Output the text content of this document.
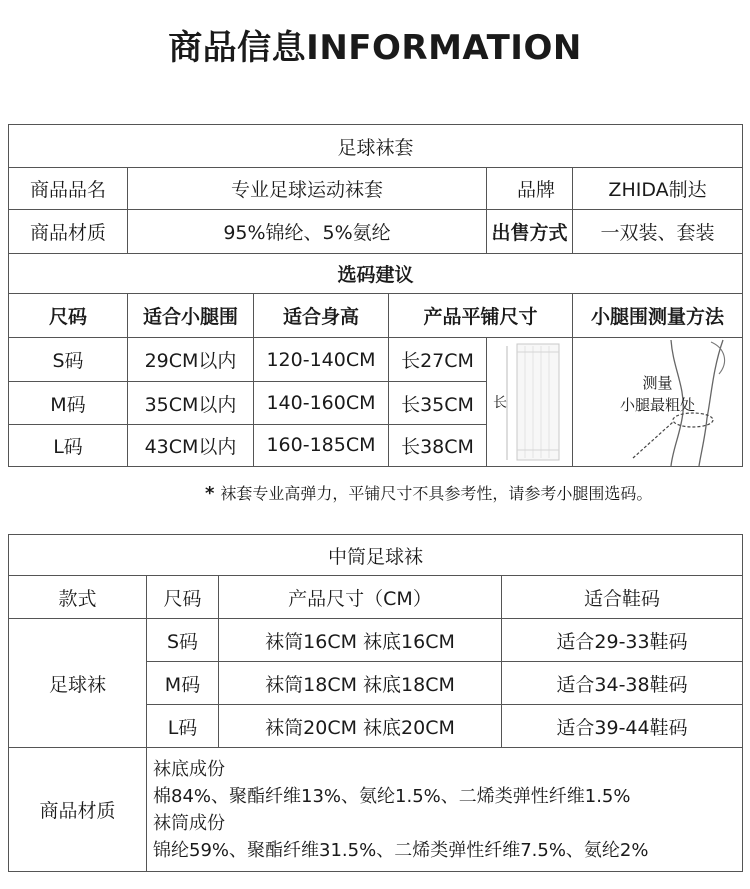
商品信息INFORMATION
足球袜套					
商品品名	专业足球运动袜套			品 牌	ZHIDA制达
商品材质	95%锦纶、5%氨纶			出售方式	一双装、套装
选码建议					
尺码	适合小腿围	适合身高	产品平铺尺寸		小腿围测量方法
S码	29CM以内	120-140CM	长27CM	长	测量
小腿最粗处

M码	35CM以内	140-160CM	长35CM		
L码	43CM以内	160-185CM	长38CM		
* 袜套专业高弹力，平铺尺寸不具参考性，请参考小腿围选码。
中筒足球袜			
款式	尺码	产品尺寸（CM）	适合鞋码
足球袜	S码	袜筒16CM 袜底16CM	适合29-33鞋码
	M码	袜筒18CM 袜底18CM	适合34-38鞋码
	L码	袜筒20CM 袜底20CM	适合39-44鞋码
商品材质	袜底成份
棉84%、聚酯纤维13%、氨纶1.5%、二烯类弹性纤维1.5%
袜筒成份
锦纶59%、聚酯纤维31.5%、二烯类弹性纤维7.5%、氨纶2%		
